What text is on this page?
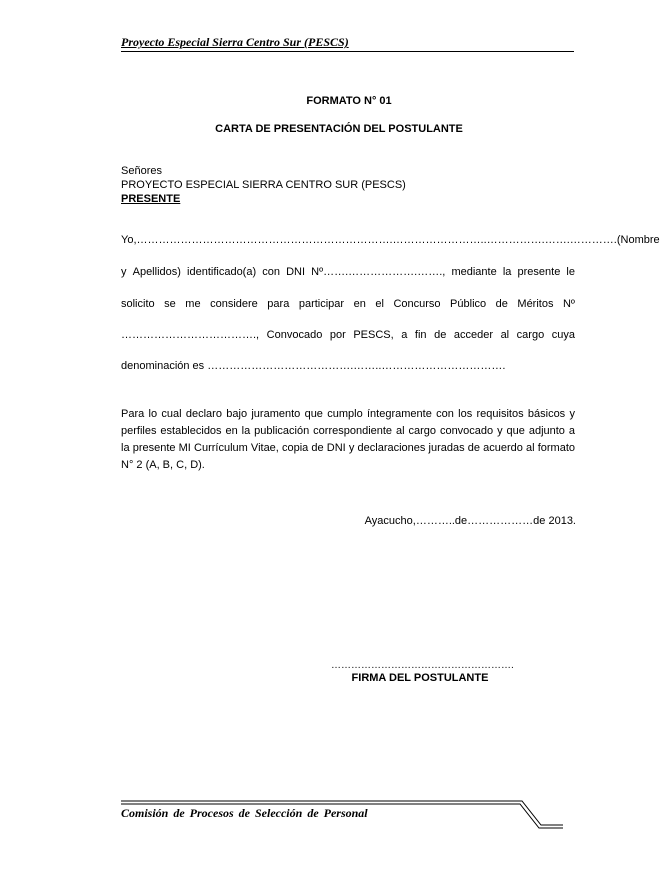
Proyecto Especial Sierra Centro Sur (PESCS)
FORMATO N° 01
CARTA DE PRESENTACIÓN DEL POSTULANTE
Señores
PROYECTO ESPECIAL SIERRA CENTRO SUR (PESCS)
PRESENTE
Yo,…………………………………………………………….……………………..…………….…….…………. (Nombre
y Apellidos) identificado(a) con DNI Nº…….……………….……., mediante la presente le
solicito se me considere para participar en el Concurso Público de Méritos Nº
………………………………., Convocado por PESCS, a fin de acceder al cargo cuya
denominación es ………………………………….……..…………………………….
Para lo cual declaro bajo juramento que cumplo íntegramente con los requisitos básicos y perfiles establecidos en la publicación correspondiente al cargo convocado y que adjunto a la presente MI Currículum Vitae, copia de DNI y declaraciones juradas de acuerdo al formato N° 2 (A, B, C, D).
Ayacucho,………..de………………de 2013.
……………………………………………….
FIRMA DEL POSTULANTE
Comisión de Procesos de Selección de Personal
